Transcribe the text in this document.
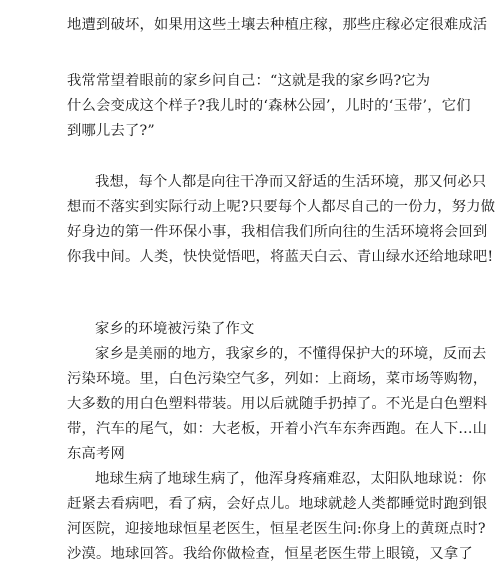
地遭到破坏，如果用这些土壤去种植庄稼，那些庄稼必定很难成活
我常常望着眼前的家乡问自己：“这就是我的家乡吗?它为
什么会变成这个样子?我儿时的‘森林公园’，儿时的‘玉带’，它们
到哪儿去了?”
我想，每个人都是向往干净而又舒适的生活环境，那又何必只
想而不落实到实际行动上呢?只要每个人都尽自己的一份力，努力做
好身边的第一件环保小事，我相信我们所向往的生活环境将会回到
你我中间。人类，快快觉悟吧，将蓝天白云、青山绿水还给地球吧!
家乡的环境被污染了作文
家乡是美丽的地方，我家乡的，不懂得保护大的环境，反而去
污染环境。里，白色污染空气多，列如：上商场，菜市场等购物，
大多数的用白色塑料带装。用以后就随手扔掉了。不光是白色塑料
带，汽车的尾气，如：大老板，开着小汽车东奔西跑。在人下...山
东高考网
地球生病了地球生病了，他浑身疼痛难忍，太阳队地球说：你
赶紧去看病吧，看了病，会好点儿。地球就趁人类都睡觉时跑到银
河医院，迎接地球恒星老医生，恒星老医生问:你身上的黄斑点时?
沙漠。地球回答。我给你做检查，恒星老医生带上眼镜，又拿了
